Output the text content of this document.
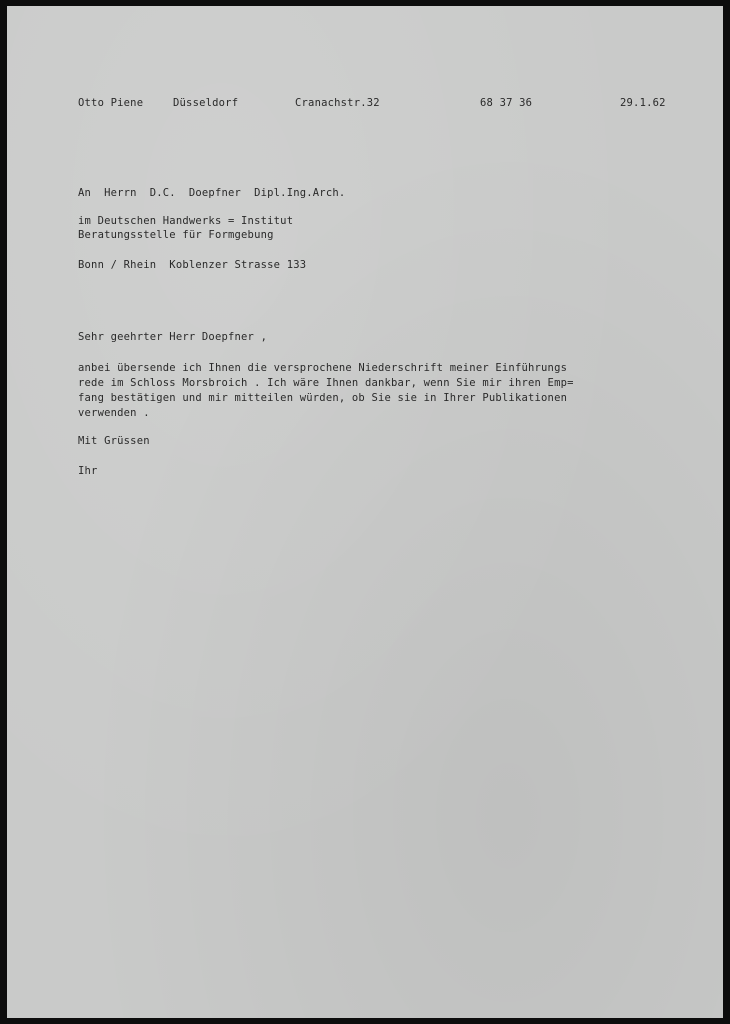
Otto Piene	Düsseldorf	Cranachstr.32	68 37 36	29.1.62
An  Herrn  D.C.  Doepfner  Dipl.Ing.Arch.
im Deutschen Handwerks = Institut
Beratungsstelle für Formgebung
Bonn / Rhein  Koblenzer Strasse 133
Sehr geehrter Herr Doepfner ,
anbei übersende ich Ihnen die versprochene Niederschrift meiner Einführungs
rede im Schloss Morsbroich . Ich wäre Ihnen dankbar, wenn Sie mir ihren Emp=
fang bestätigen und mir mitteilen würden, ob Sie sie in Ihrer Publikationen
verwenden .
Mit Grüssen
Ihr
